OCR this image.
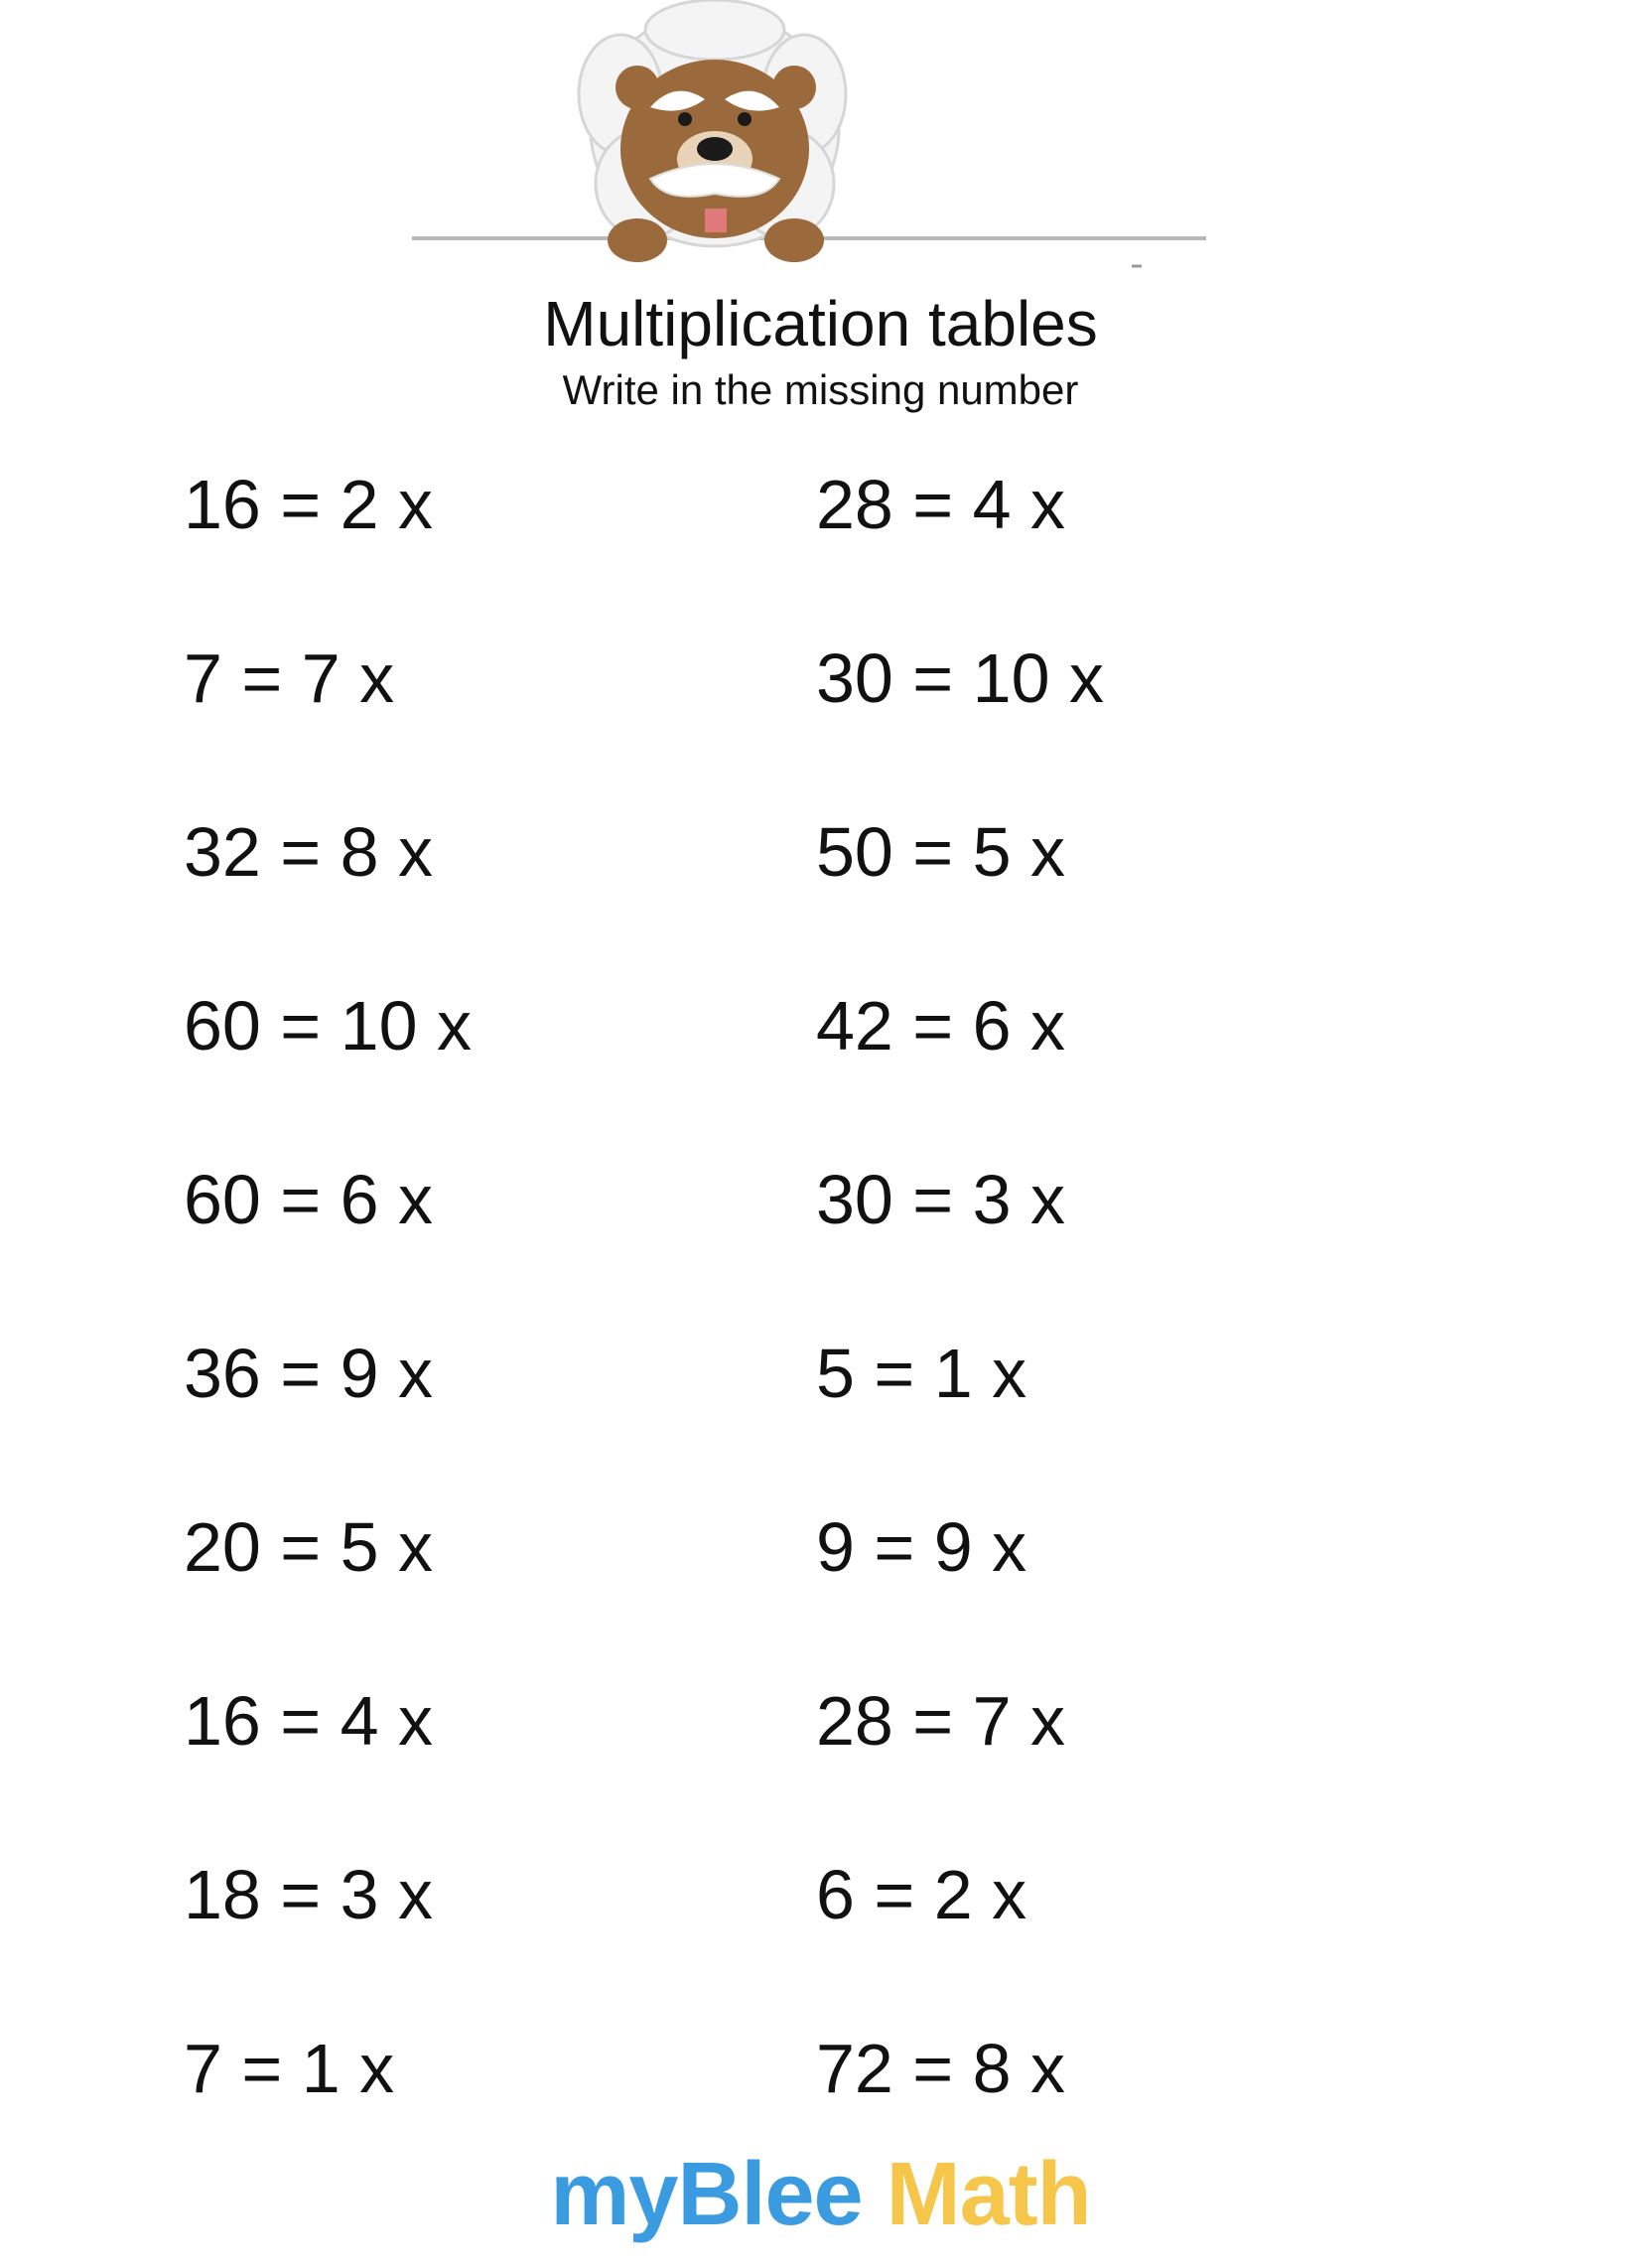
Multiplication tables
Write in the missing number
16 = 2 x
7 = 7 x
32 = 8 x
60 = 10 x
60 = 6 x
36 = 9 x
20 = 5 x
16 = 4 x
18 = 3 x
7 = 1 x
28 = 4 x
30 = 10 x
50 = 5 x
42 = 6 x
30 = 3 x
5 = 1 x
9 = 9 x
28 = 7 x
6 = 2 x
72 = 8 x
myBlee Math
